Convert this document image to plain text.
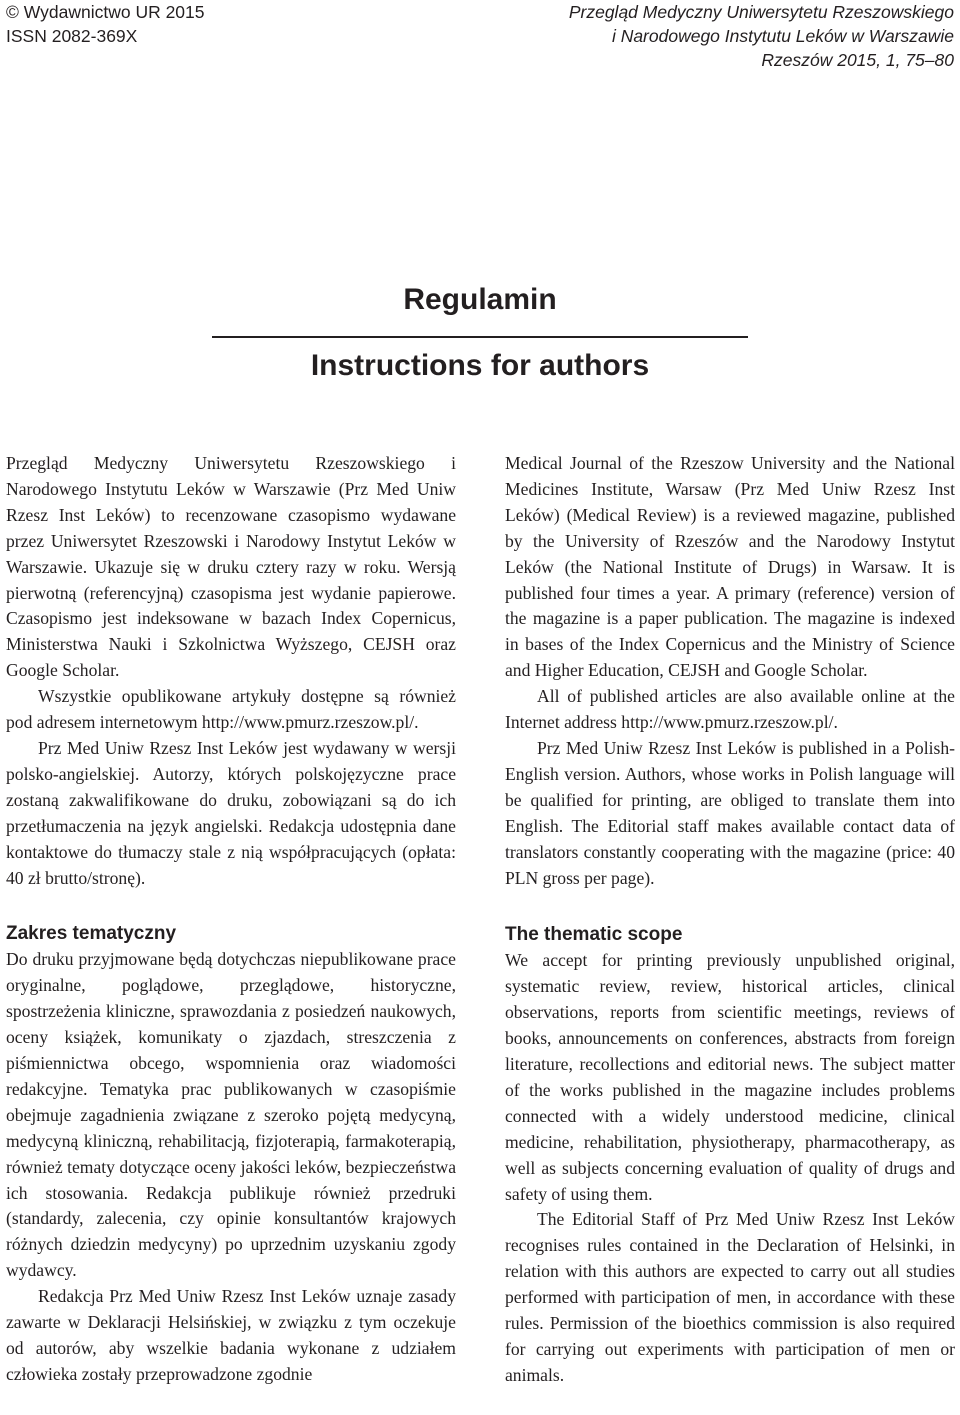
© Wydawnictwo UR 2015
ISSN 2082-369X
Przegląd Medyczny Uniwersytetu Rzeszowskiego
i Narodowego Instytutu Leków w Warszawie
Rzeszów 2015, 1, 75–80
Regulamin
Instructions for authors

Przegląd Medyczny Uniwersytetu Rzeszowskiego i Narodowego Instytutu Leków w Warszawie (Prz Med Uniw Rzesz Inst Leków) to recenzowane czasopismo wydawane przez Uniwersytet Rzeszowski i Narodowy Instytut Leków w Warszawie. Ukazuje się w druku cztery razy w roku. Wersją pierwotną (referencyjną) czasopisma jest wydanie papierowe. Czasopismo jest indeksowane w bazach Index Copernicus, Ministerstwa Nauki i Szkolnictwa Wyższego, CEJSH oraz Google Scholar.

Wszystkie opublikowane artykuły dostępne są również pod adresem internetowym http://www.pmurz.rzeszow.pl/.

Prz Med Uniw Rzesz Inst Leków jest wydawany w wersji polsko-angielskiej. Autorzy, których polskojęzyczne prace zostaną zakwalifikowane do druku, zobowiązani są do ich przetłumaczenia na język angielski. Redakcja udostępnia dane kontaktowe do tłumaczy stale z nią współpracujących (opłata: 40 zł brutto/stronę).

Zakres tematyczny

Do druku przyjmowane będą dotychczas niepublikowane prace oryginalne, poglądowe, przeglądowe, historyczne, spostrzeżenia kliniczne, sprawozdania z posiedzeń naukowych, oceny książek, komunikaty o zjazdach, streszczenia z piśmiennictwa obcego, wspomnienia oraz wiadomości redakcyjne. Tematyka prac publikowanych w czasopiśmie obejmuje zagadnienia związane z szeroko pojętą medycyną, medycyną kliniczną, rehabilitacją, fizjoterapią, farmakoterapią, również tematy dotyczące oceny jakości leków, bezpieczeństwa ich stosowania. Redakcja publikuje również przedruki (standardy, zalecenia, czy opinie konsultantów krajowych różnych dziedzin medycyny) po uprzednim uzyskaniu zgody wydawcy.

Redakcja Prz Med Uniw Rzesz Inst Leków uznaje zasady zawarte w Deklaracji Helsińskiej, w związku z tym oczekuje od autorów, aby wszelkie badania wykonane z udziałem człowieka zostały przeprowadzone zgodnie

Medical Journal of the Rzeszow University and the National Medicines Institute, Warsaw (Prz Med Uniw Rzesz Inst Leków) (Medical Review) is a reviewed magazine, published by the University of Rzeszów and the Narodowy Instytut Leków (the National Institute of Drugs) in Warsaw. It is published four times a year. A primary (reference) version of the magazine is a paper publication. The magazine is indexed in bases of the Index Copernicus and the Ministry of Science and Higher Education, CEJSH and Google Scholar.

All of published articles are also available online at the Internet address http://www.pmurz.rzeszow.pl/.

Prz Med Uniw Rzesz Inst Leków is published in a Polish-English version. Authors, whose works in Polish language will be qualified for printing, are obliged to translate them into English. The Editorial staff makes available contact data of translators constantly cooperating with the magazine (price: 40 PLN gross per page).

The thematic scope

We accept for printing previously unpublished original, systematic review, review, historical articles, clinical observations, reports from scientific meetings, reviews of books, announcements on conferences, abstracts from foreign literature, recollections and editorial news. The subject matter of the works published in the magazine includes problems connected with a widely understood medicine, clinical medicine, rehabilitation, physiotherapy, pharmacotherapy, as well as subjects concerning evaluation of quality of drugs and safety of using them.

The Editorial Staff of Prz Med Uniw Rzesz Inst Leków recognises rules contained in the Declaration of Helsinki, in relation with this authors are expected to carry out all studies performed with participation of men, in accordance with these rules. Permission of the bioethics commission is also required for carrying out experiments with participation of men or animals.
